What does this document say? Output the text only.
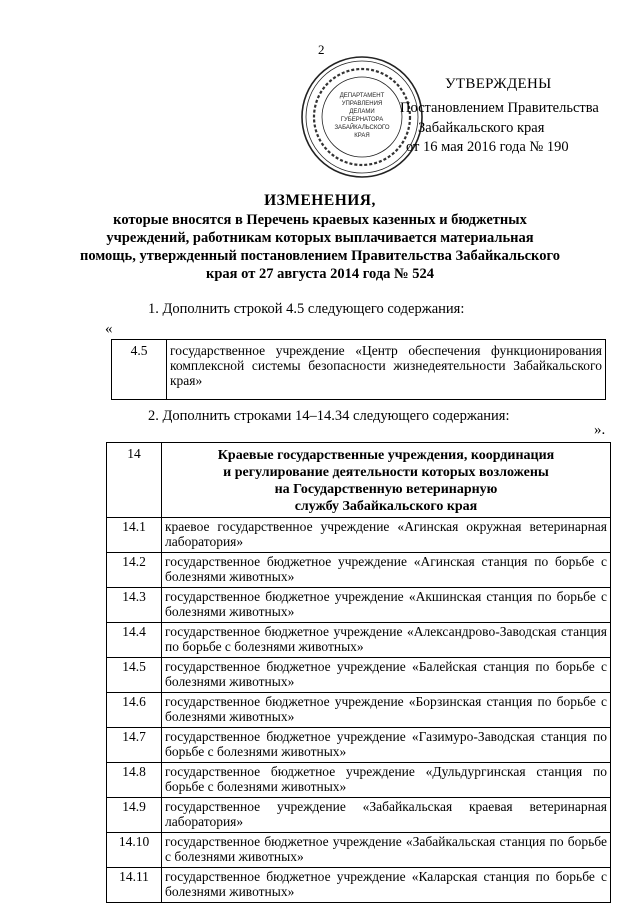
2
ДЕПАРТАМЕНТ
УПРАВЛЕНИЯ
ДЕЛАМИ
ГУБЕРНАТОРА
ЗАБАЙКАЛЬСКОГО
КРАЯ
УТВЕРЖДЕНЫ
Постановлением Правительства
Забайкальского края
от 16 мая 2016 года № 190
ИЗМЕНЕНИЯ,
которые вносятся в Перечень краевых казенных и бюджетных
учреждений, работникам которых выплачивается материальная
помощь, утвержденный постановлением Правительства Забайкальского
края от 27 августа 2014 года № 524
1. Дополнить строкой 4.5 следующего содержания:
«
4.5	государственное учреждение «Центр обеспечения функционирования комплексной системы безопасности жизнедеятельности Забайкальского края»
».
2. Дополнить строками 14–14.34 следующего содержания:
14	Краевые государственные учреждения, координация
и регулирование деятельности которых возложены
на Государственную ветеринарную
службу Забайкальского края

14.1	краевое государственное учреждение «Агинская окружная ветеринарная лаборатория»
14.2	государственное бюджетное учреждение «Агинская станция по борьбе с болезнями животных»
14.3	государственное бюджетное учреждение «Акшинская станция по борьбе с болезнями животных»
14.4	государственное бюджетное учреждение «Александрово-Заводская станция по борьбе с болезнями животных»
14.5	государственное бюджетное учреждение «Балейская станция по борьбе с болезнями животных»
14.6	государственное бюджетное учреждение «Борзинская станция по борьбе с болезнями животных»
14.7	государственное бюджетное учреждение «Газимуро-Заводская станция по борьбе с болезнями животных»
14.8	государственное бюджетное учреждение «Дульдургинская станция по борьбе с болезнями животных»
14.9	государственное учреждение «Забайкальская краевая ветеринарная лаборатория»
14.10	государственное бюджетное учреждение «Забайкальская станция по борьбе с болезнями животных»
14.11	государственное бюджетное учреждение «Каларская станция по борьбе с болезнями животных»
